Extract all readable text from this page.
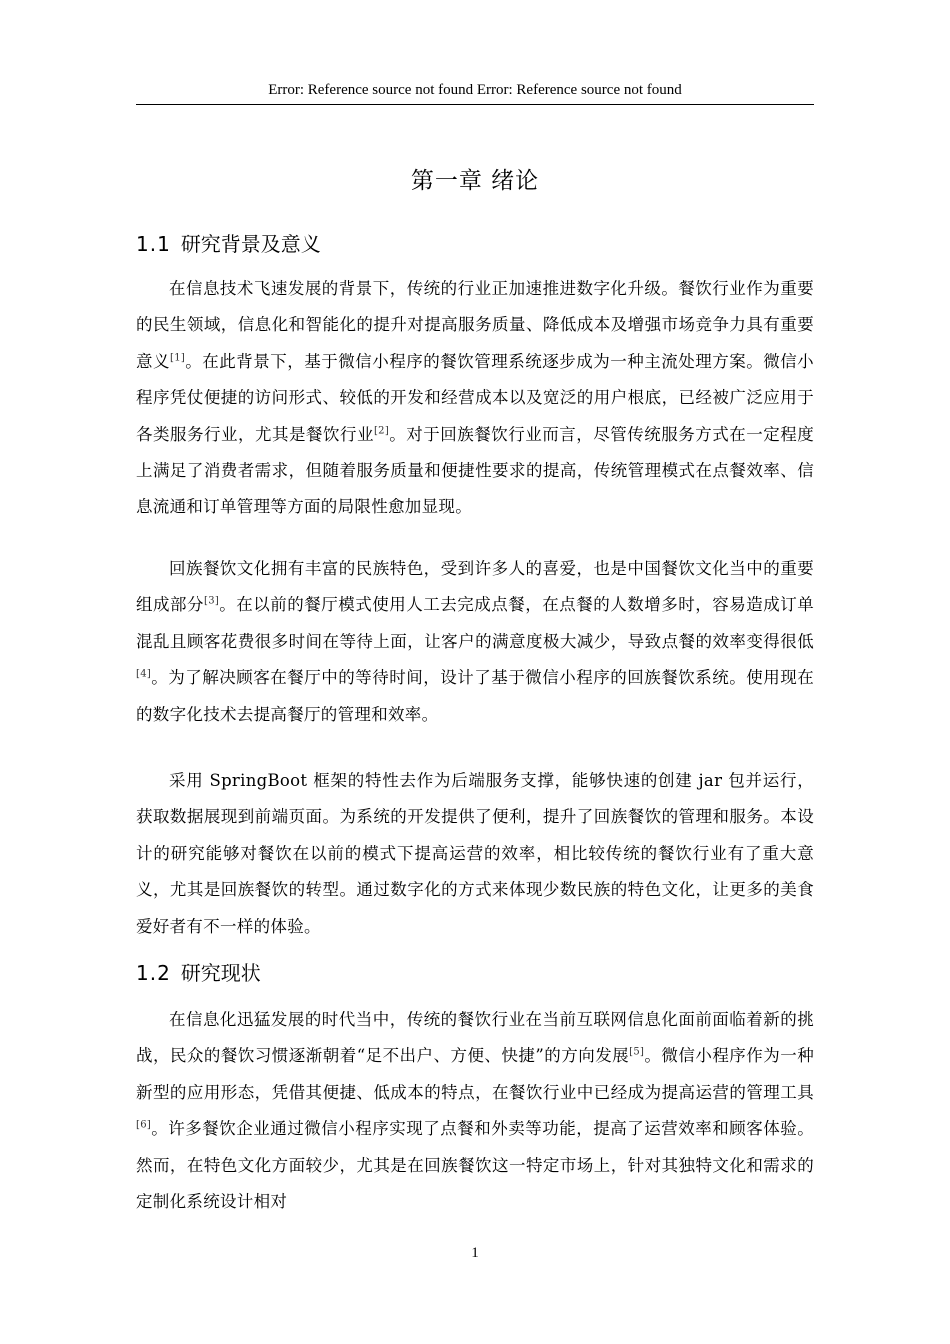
Error: Reference source not found Error: Reference source not found
第一章 绪论
1.1 研究背景及意义

在信息技术飞速发展的背景下，传统的行业正加速推进数字化升级。餐饮行业作为重要的民生领域，信息化和智能化的提升对提高服务质量、降低成本及增强市场竞争力具有重要意义[1]。在此背景下，基于微信小程序的餐饮管理系统逐步成为一种主流处理方案。微信小程序凭仗便捷的访问形式、较低的开发和经营成本以及宽泛的用户根底，已经被广泛应用于各类服务行业，尤其是餐饮行业[2]。对于回族餐饮行业而言，尽管传统服务方式在一定程度上满足了消费者需求，但随着服务质量和便捷性要求的提高，传统管理模式在点餐效率、信息流通和订单管理等方面的局限性愈加显现。

回族餐饮文化拥有丰富的民族特色，受到许多人的喜爱，也是中国餐饮文化当中的重要组成部分[3]。在以前的餐厅模式使用人工去完成点餐，在点餐的人数增多时，容易造成订单混乱且顾客花费很多时间在等待上面，让客户的满意度极大减少，导致点餐的效率变得很低[4]。为了解决顾客在餐厅中的等待时间，设计了基于微信小程序的回族餐饮系统。使用现在的数字化技术去提高餐厅的管理和效率。

采用 SpringBoot 框架的特性去作为后端服务支撑，能够快速的创建 jar 包并运行，获取数据展现到前端页面。为系统的开发提供了便利，提升了回族餐饮的管理和服务。本设计的研究能够对餐饮在以前的模式下提高运营的效率，相比较传统的餐饮行业有了重大意义，尤其是回族餐饮的转型。通过数字化的方式来体现少数民族的特色文化，让更多的美食爱好者有不一样的体验。

1.2 研究现状

在信息化迅猛发展的时代当中，传统的餐饮行业在当前互联网信息化面前面临着新的挑战，民众的餐饮习惯逐渐朝着“足不出户、方便、快捷”的方向发展[5]。微信小程序作为一种新型的应用形态，凭借其便捷、低成本的特点，在餐饮行业中已经成为提高运营的管理工具[6]。许多餐饮企业通过微信小程序实现了点餐和外卖等功能，提高了运营效率和顾客体验。然而，在特色文化方面较少，尤其是在回族餐饮这一特定市场上，针对其独特文化和需求的定制化系统设计相对

1
